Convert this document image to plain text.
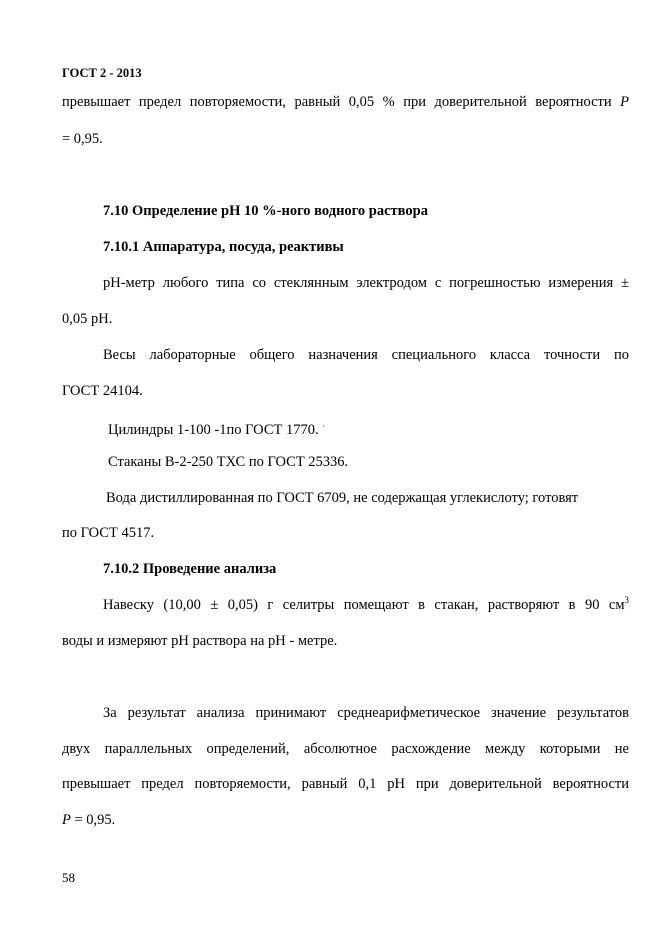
ГОСТ 2 - 2013
превышает предел повторяемости, равный 0,05 % при доверительной вероятности P
= 0,95.
7.10 Определение pH 10 %-ного водного раствора
7.10.1 Аппаратура, посуда, реактивы
pH-метр любого типа со стеклянным электродом с погрешностью измерения ±
0,05 pH.
Весы лабораторные общего назначения специального класса точности по
ГОСТ 24104.
Цилиндры 1-100 -1по ГОСТ 1770. ·
Стаканы В-2-250 ТХС по ГОСТ 25336.
Вода дистиллированная по ГОСТ 6709, не содержащая углекислоту; готовят
по ГОСТ 4517.
7.10.2 Проведение анализа
Навеску (10,00 ± 0,05) г селитры помещают в стакан, растворяют в 90 $см^3$
воды и измеряют pH раствора на pH - метре.
За результат анализа принимают среднеарифметическое значение результатов
двух параллельных определений, абсолютное расхождение между которыми не
превышает предел повторяемости, равный 0,1 pH при доверительной вероятности
P = 0,95.
58
